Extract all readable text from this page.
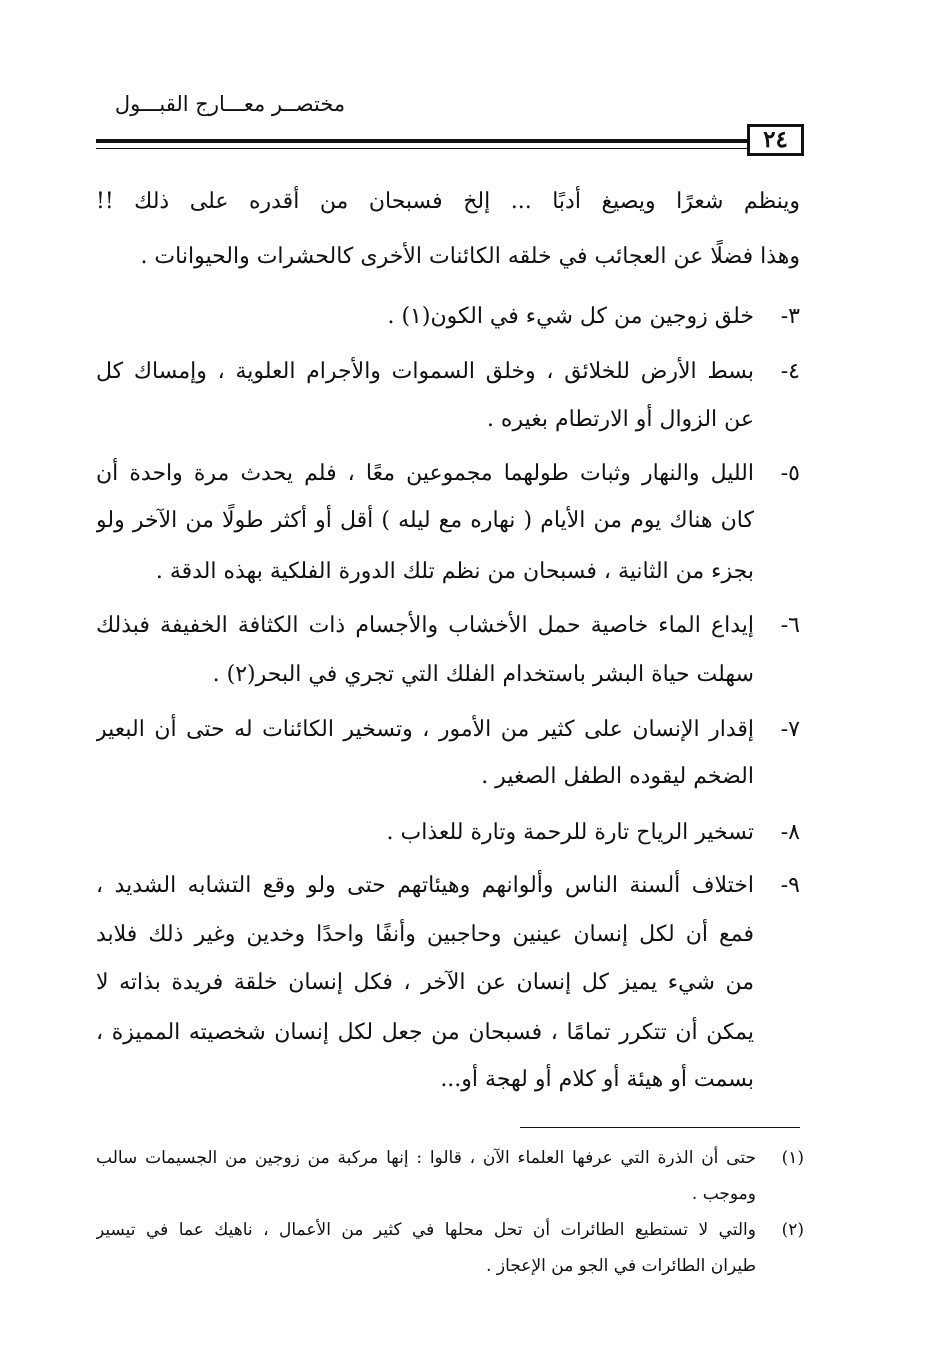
مختصــر معـــارج القبـــول
٢٤
وينظم شعرًا ويصيغ أدبًا ... إلخ فسبحان من أقدره على ذلك !!
وهذا فضلًا عن العجائب في خلقه الكائنات الأخرى كالحشرات والحيوانات .
٣-
خلق زوجين من كل شيء في الكون(١) .
٤-
بسط الأرض للخلائق ، وخلق السموات والأجرام العلوية ، وإمساك كل
عن الزوال أو الارتطام بغيره .
٥-
الليل والنهار وثبات طولهما مجموعين معًا ، فلم يحدث مرة واحدة أن
كان هناك يوم من الأيام ( نهاره مع ليله ) أقل أو أكثر طولًا من الآخر ولو
بجزء من الثانية ، فسبحان من نظم تلك الدورة الفلكية بهذه الدقة .
٦-
إيداع الماء خاصية حمل الأخشاب والأجسام ذات الكثافة الخفيفة فبذلك
سهلت حياة البشر باستخدام الفلك التي تجري في البحر(٢) .
٧-
إقدار الإنسان على كثير من الأمور ، وتسخير الكائنات له حتى أن البعير
الضخم ليقوده الطفل الصغير .
٨-
تسخير الرياح تارة للرحمة وتارة للعذاب .
٩-
اختلاف ألسنة الناس وألوانهم وهيئاتهم حتى ولو وقع التشابه الشديد ،
فمع أن لكل إنسان عينين وحاجبين وأنفًا واحدًا وخدين وغير ذلك فلابد
من شيء يميز كل إنسان عن الآخر ، فكل إنسان خلقة فريدة بذاته لا
يمكن أن تتكرر تمامًا ، فسبحان من جعل لكل إنسان شخصيته المميزة ،
بسمت أو هيئة أو كلام أو لهجة أو...
(١)
حتى أن الذرة التي عرفها العلماء الآن ، قالوا : إنها مركبة من زوجين من الجسيمات سالب
وموجب .
(٢)
والتي لا تستطيع الطائرات أن تحل محلها في كثير من الأعمال ، ناهيك عما في تيسير
طيران الطائرات في الجو من الإعجاز .
